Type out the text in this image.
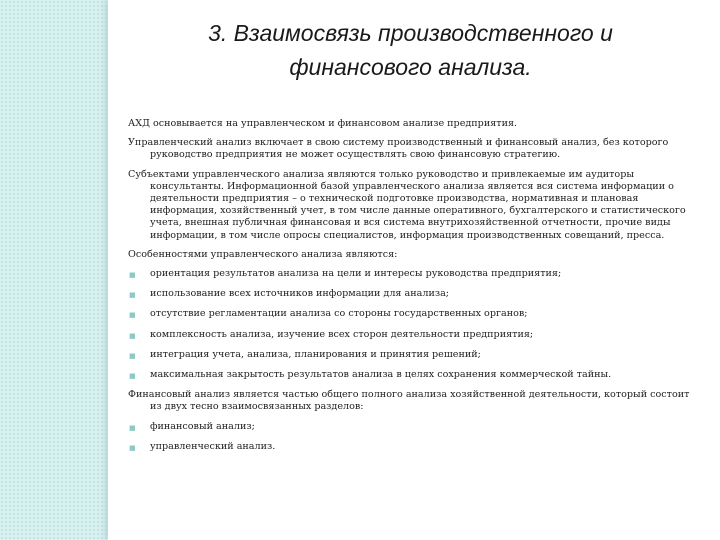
3. Взаимосвязь производственного и
финансового анализа.

АХД основывается на управленческом и финансовом анализе предприятия.

Управленческий анализ включает в свою систему производственный и финансовый анализ, без которого руководство предприятия не может осуществлять свою финансовую стратегию.

Субъектами управленческого анализа являются только руководство и привлекаемые им аудиторы консультанты. Информационной базой управленческого анализа является вся система информации о деятельности предприятия – о технической подготовке производства, нормативная и плановая информация, хозяйственный учет, в том числе данные оперативного, бухгалтерского и статистического учета, внешная публичная финансовая и вся система внутрихозяйственной отчетности, прочие виды информации, в том числе опросы специалистов, информация производственных совещаний, пресса.

Особенностями управленческого анализа являются:

■ ориентация результатов анализа на цели и интересы руководства предприятия;
■ использование всех источников информации для анализа;
■ отсутствие регламентации анализа со стороны государственных органов;
■ комплексность анализа, изучение всех сторон деятельности предприятия;
■ интеграция учета, анализа, планирования и принятия решений;
■ максимальная закрытость результатов анализа в целях сохранения коммерческой тайны.

Финансовый анализ является частью общего полного анализа хозяйственной деятельности, который состоит из двух тесно взаимосвязанных разделов:

■ финансовый анализ;
■ управленческий анализ.
